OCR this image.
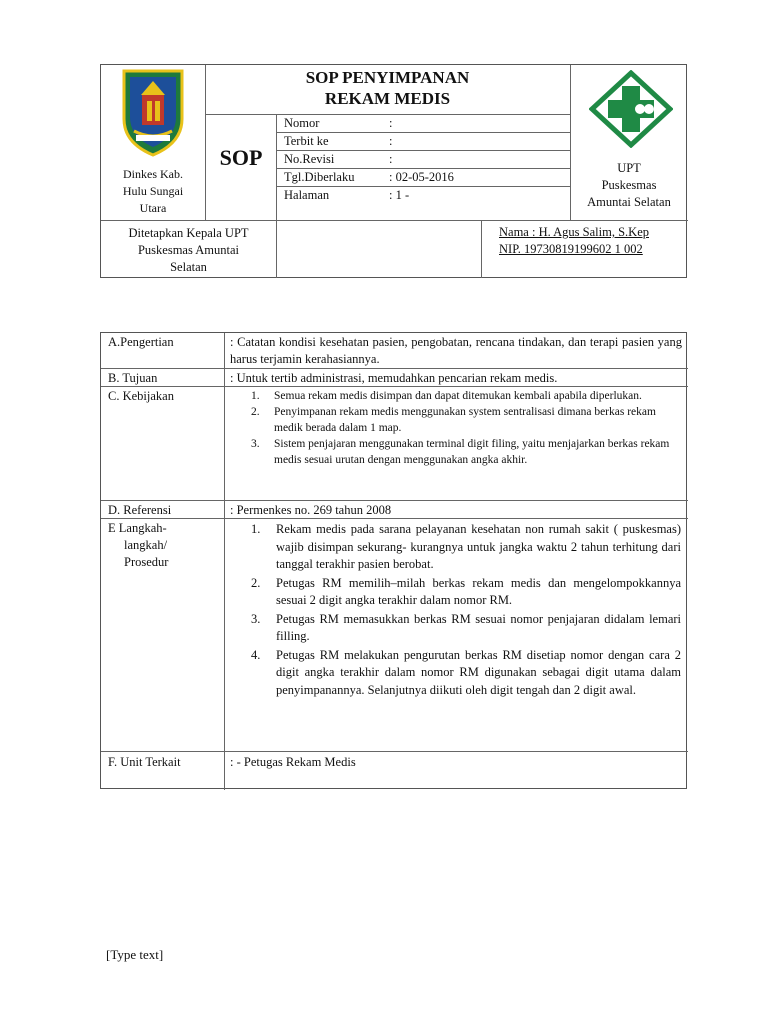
Dinkes Kab.
Hulu Sungai
Utara
SOP PENYIMPANAN
REKAM MEDIS
SOP
Nomor	:
Terbit ke	:
No.Revisi	:
Tgl.Diberlaku	: 02-05-2016
Halaman	: 1 -
UPT
Puskesmas
Amuntai Selatan
Ditetapkan Kepala UPT
Puskesmas Amuntai
Selatan
Nama : H. Agus Salim, S.Kep
NIP. 19730819199602 1 002
A.Pengertian	: Catatan kondisi kesehatan pasien, pengobatan, rencana tindakan, dan terapi pasien yang harus terjamin kerahasiannya.
B. Tujuan	: Untuk tertib administrasi, memudahkan pencarian rekam medis.
C. Kebijakan	1. Semua rekam medis disimpan dan dapat ditemukan kembali apabila diperlukan.
2. Penyimpanan rekam medis menggunakan system sentralisasi dimana berkas rekam medik berada dalam 1 map.
3. Sistem penjajaran menggunakan terminal digit filing, yaitu menjajarkan berkas rekam medis sesuai urutan dengan menggunakan angka akhir.
D. Referensi	: Permenkes no. 269 tahun 2008
E Langkah-
langkah/
Prosedur
1. Rekam medis pada sarana pelayanan kesehatan non rumah sakit ( puskesmas) wajib disimpan sekurang- kurangnya untuk jangka waktu 2 tahun terhitung dari tanggal terakhir pasien berobat.
2. Petugas RM memilih–milah berkas rekam medis dan mengelompokkannya sesuai 2 digit angka terakhir dalam nomor RM.
3. Petugas RM memasukkan berkas RM sesuai nomor penjajaran didalam lemari filling.
4. Petugas RM melakukan pengurutan berkas RM disetiap nomor dengan cara 2 digit angka terakhir dalam nomor RM digunakan sebagai digit utama dalam penyimpanannya. Selanjutnya diikuti oleh digit tengah dan 2 digit awal.
F. Unit Terkait	: - Petugas Rekam Medis
[Type text]
